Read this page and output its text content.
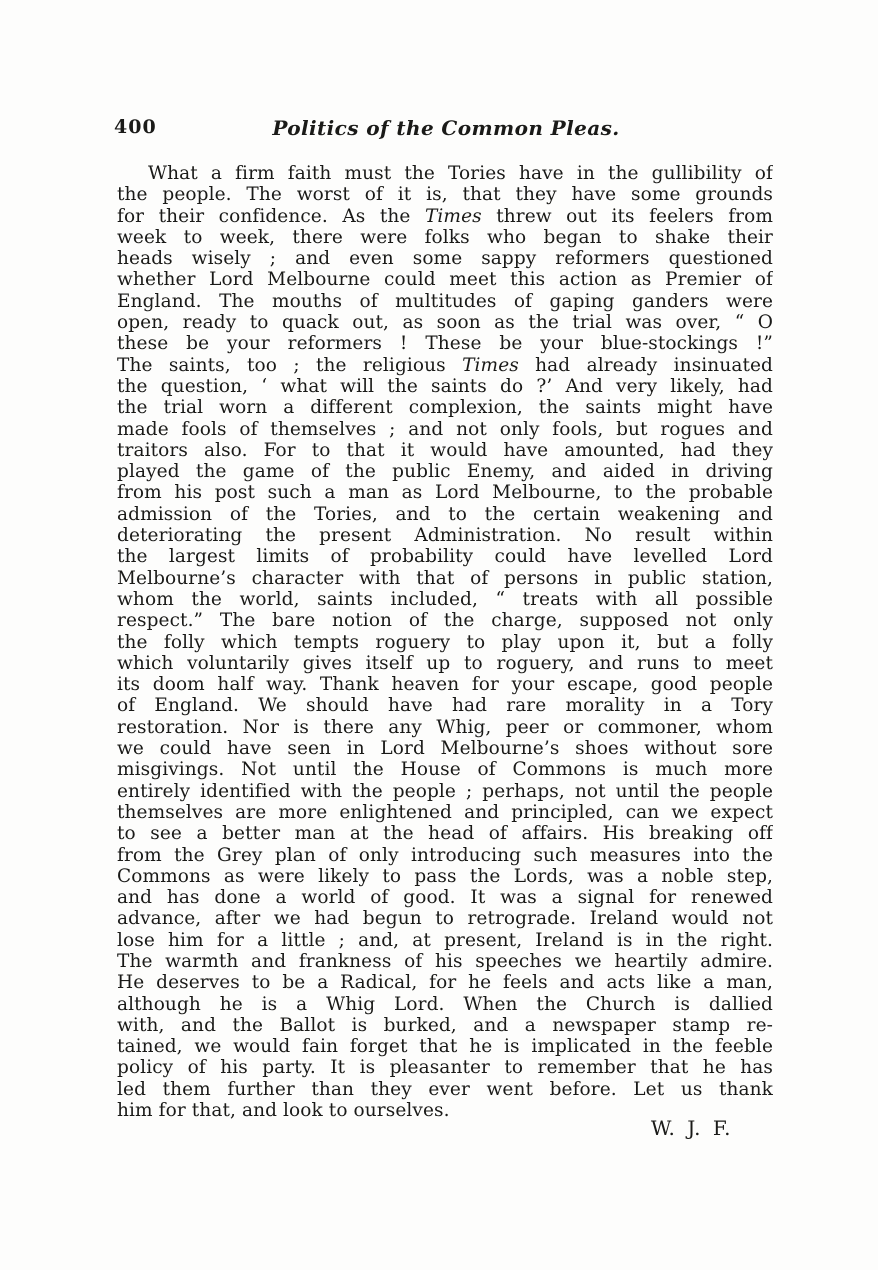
400	Politics of the Common Pleas.
What a firm faith must the Tories have in the gullibility of
the people. The worst of it is, that they have some grounds
for their confidence. As the Times threw out its feelers from
week to week, there were folks who began to shake their
heads wisely ; and even some sappy reformers questioned
whether Lord Melbourne could meet this action as Premier of
England. The mouths of multitudes of gaping ganders were
open, ready to quack out, as soon as the trial was over, “ O
these be your reformers ! These be your blue-stockings !”
The saints, too ; the religious Times had already insinuated
the question, ‘ what will the saints do ?’ And very likely, had
the trial worn a different complexion, the saints might have
made fools of themselves ; and not only fools, but rogues and
traitors also. For to that it would have amounted, had they
played the game of the public Enemy, and aided in driving
from his post such a man as Lord Melbourne, to the probable
admission of the Tories, and to the certain weakening and
deteriorating the present Administration. No result within
the largest limits of probability could have levelled Lord
Melbourne’s character with that of persons in public station,
whom the world, saints included, “ treats with all possible
respect.” The bare notion of the charge, supposed not only
the folly which tempts roguery to play upon it, but a folly
which voluntarily gives itself up to roguery, and runs to meet
its doom half way. Thank heaven for your escape, good people
of England. We should have had rare morality in a Tory
restoration. Nor is there any Whig, peer or commoner, whom
we could have seen in Lord Melbourne’s shoes without sore
misgivings. Not until the House of Commons is much more
entirely identified with the people ; perhaps, not until the people
themselves are more enlightened and principled, can we expect
to see a better man at the head of affairs. His breaking off
from the Grey plan of only introducing such measures into the
Commons as were likely to pass the Lords, was a noble step,
and has done a world of good. It was a signal for renewed
advance, after we had begun to retrograde. Ireland would not
lose him for a little ; and, at present, Ireland is in the right.
The warmth and frankness of his speeches we heartily admire.
He deserves to be a Radical, for he feels and acts like a man,
although he is a Whig Lord. When the Church is dallied
with, and the Ballot is burked, and a newspaper stamp re-
tained, we would fain forget that he is implicated in the feeble
policy of his party. It is pleasanter to remember that he has
led them further than they ever went before. Let us thank
him for that, and look to ourselves.
W. J. F.
